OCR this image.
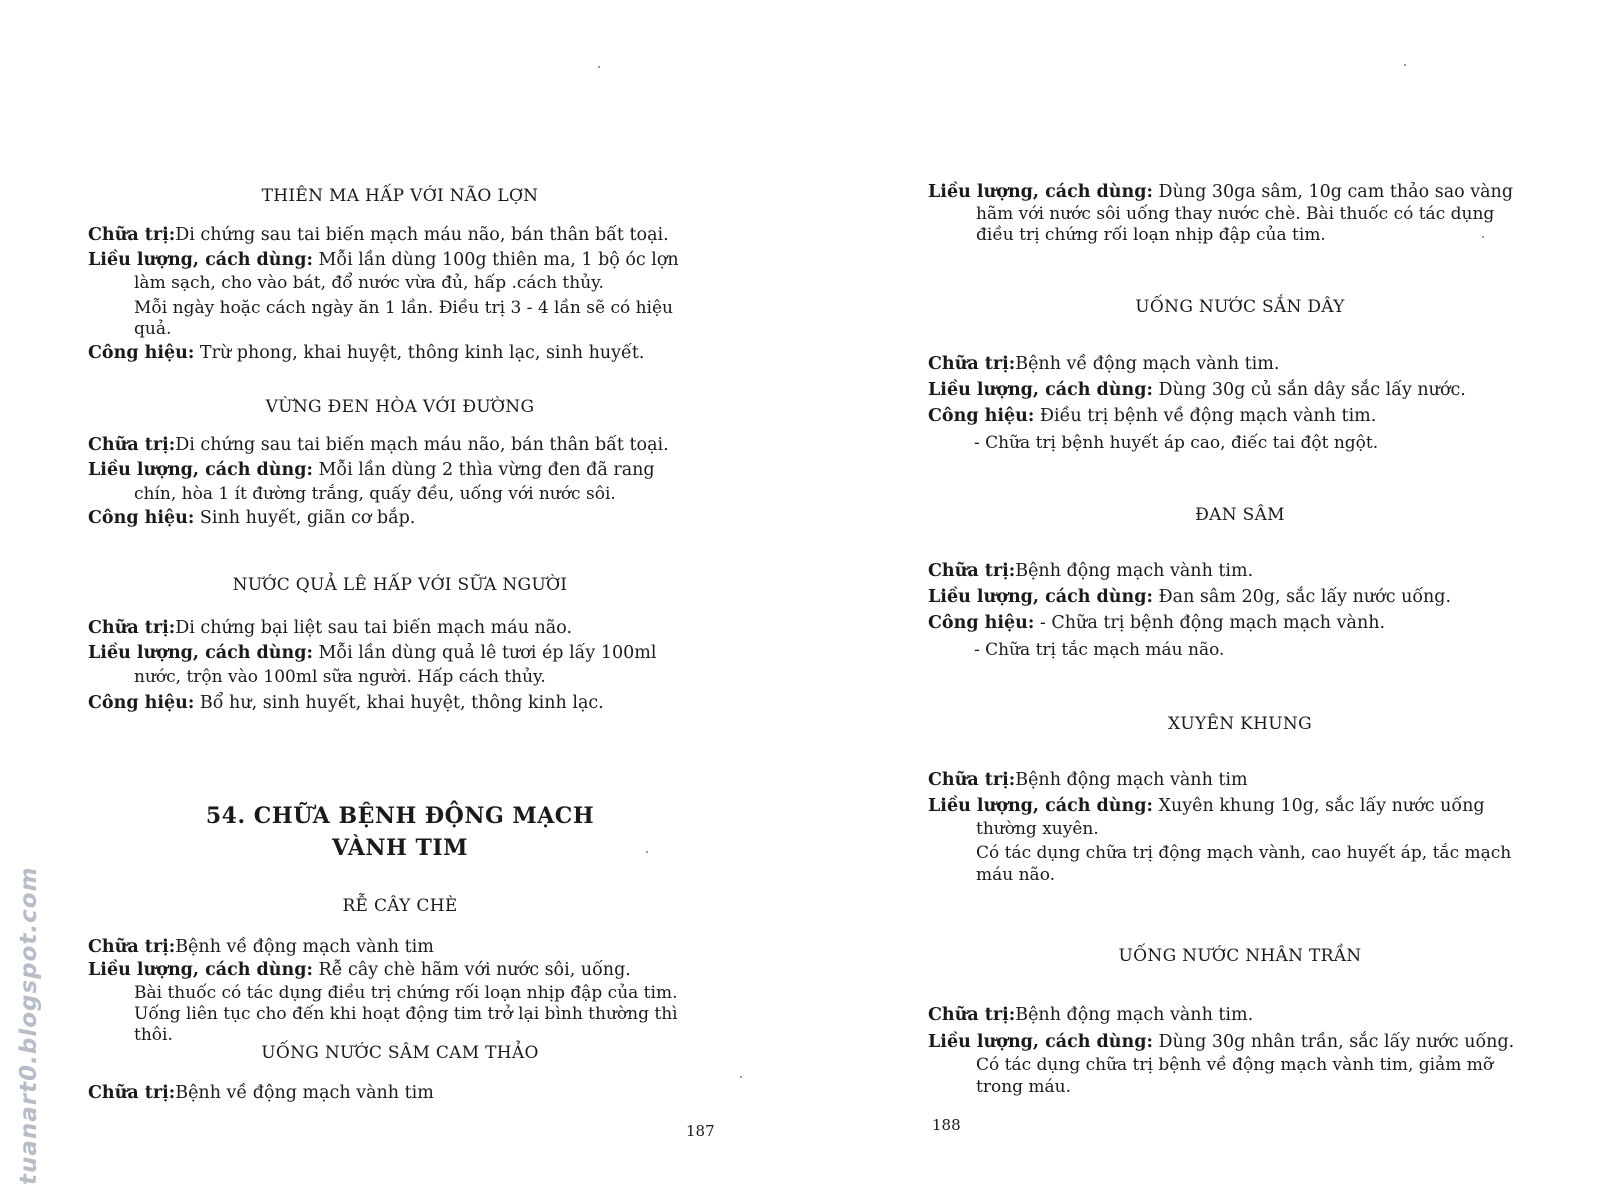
THIÊN MA HẤP VỚI NÃO LỢN
Chữa trị:Di chứng sau tai biến mạch máu não, bán thân bất toại.
Liều lượng, cách dùng: Mỗi lần dùng 100g thiên ma, 1 bộ óc lợn
làm sạch, cho vào bát, đổ nước vừa đủ, hấp .cách thủy.
Mỗi ngày hoặc cách ngày ăn 1 lần. Điều trị 3 - 4 lần sẽ có hiệu
quả.
Công hiệu: Trừ phong, khai huyệt, thông kinh lạc, sinh huyết.
VỪNG ĐEN HÒA VỚI ĐƯỜNG
Chữa trị:Di chứng sau tai biến mạch máu não, bán thân bất toại.
Liều lượng, cách dùng: Mỗi lần dùng 2 thìa vừng đen đã rang
chín, hòa 1 ít đường trắng, quấy đều, uống với nước sôi.
Công hiệu: Sinh huyết, giãn cơ bắp.
NƯỚC QUẢ LÊ HẤP VỚI SỮA NGƯỜI
Chữa trị:Di chứng bại liệt sau tai biến mạch máu não.
Liều lượng, cách dùng: Mỗi lần dùng quả lê tươi ép lấy 100ml
nước, trộn vào 100ml sữa người. Hấp cách thủy.
Công hiệu: Bổ hư, sinh huyết, khai huyệt, thông kinh lạc.
54. CHỮA BỆNH ĐỘNG MẠCH
VÀNH TIM
RỄ CÂY CHÈ
Chữa trị:Bệnh về động mạch vành tim
Liều lượng, cách dùng: Rễ cây chè hãm với nước sôi, uống.
Bài thuốc có tác dụng điều trị chứng rối loạn nhịp đập của tim.
Uống liên tục cho đến khi hoạt động tim trở lại bình thường thì
thôi.
UỐNG NƯỚC SÂM CAM THẢO
Chữa trị:Bệnh về động mạch vành tim
187
Liều lượng, cách dùng: Dùng 30ga sâm, 10g cam thảo sao vàng
hãm với nước sôi uống thay nước chè. Bài thuốc có tác dụng
điều trị chứng rối loạn nhịp đập của tim.
UỐNG NƯỚC SẮN DÂY
Chữa trị:Bệnh về động mạch vành tim.
Liều lượng, cách dùng: Dùng 30g củ sắn dây sắc lấy nước.
Công hiệu: Điều trị bệnh về động mạch vành tim.
- Chữa trị bệnh huyết áp cao, điếc tai đột ngột.
ĐAN SÂM
Chữa trị:Bệnh động mạch vành tim.
Liều lượng, cách dùng: Đan sâm 20g, sắc lấy nước uống.
Công hiệu: - Chữa trị bệnh động mạch mạch vành.
- Chữa trị tắc mạch máu não.
XUYÊN KHUNG
Chữa trị:Bệnh động mạch vành tim
Liều lượng, cách dùng: Xuyên khung 10g, sắc lấy nước uống
thường xuyên.
Có tác dụng chữa trị động mạch vành, cao huyết áp, tắc mạch
máu não.
UỐNG NƯỚC NHÂN TRẦN
Chữa trị:Bệnh động mạch vành tim.
Liều lượng, cách dùng: Dùng 30g nhân trần, sắc lấy nước uống.
Có tác dụng chữa trị bệnh về động mạch vành tim, giảm mỡ
trong máu.
188
tuanart0.blogspot.com
